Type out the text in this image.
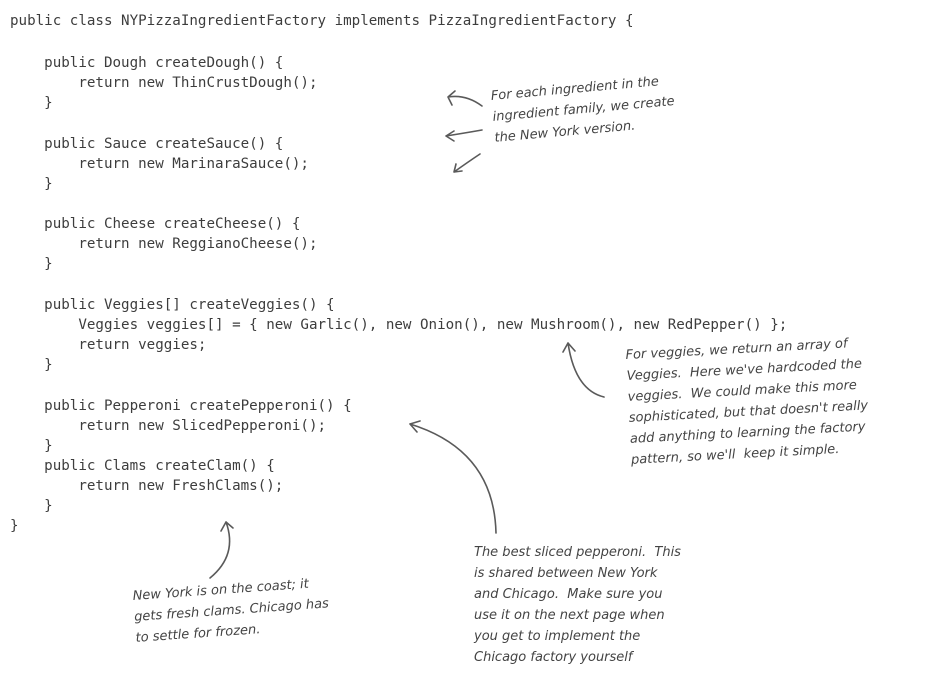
public class NYPizzaIngredientFactory implements PizzaIngredientFactory {
public Dough createDough() {
return new ThinCrustDough();
}
public Sauce createSauce() {
return new MarinaraSauce();
}
public Cheese createCheese() {
return new ReggianoCheese();
}
public Veggies[] createVeggies() {
Veggies veggies[] = { new Garlic(), new Onion(), new Mushroom(), new RedPepper() };
return veggies;
}
public Pepperoni createPepperoni() {
return new SlicedPepperoni();
}
public Clams createClam() {
return new FreshClams();
}
}
For each ingredient in the
ingredient family, we create
the New York version.
For veggies, we return an array of
Veggies.  Here we've hardcoded the
veggies.  We could make this more
sophisticated, but that doesn't really
add anything to learning the factory
pattern, so we'll  keep it simple.
The best sliced pepperoni.  This
is shared between New York
and Chicago.  Make sure you
use it on the next page when
you get to implement the
Chicago factory yourself
New York is on the coast; it
gets fresh clams. Chicago has
to settle for frozen.
